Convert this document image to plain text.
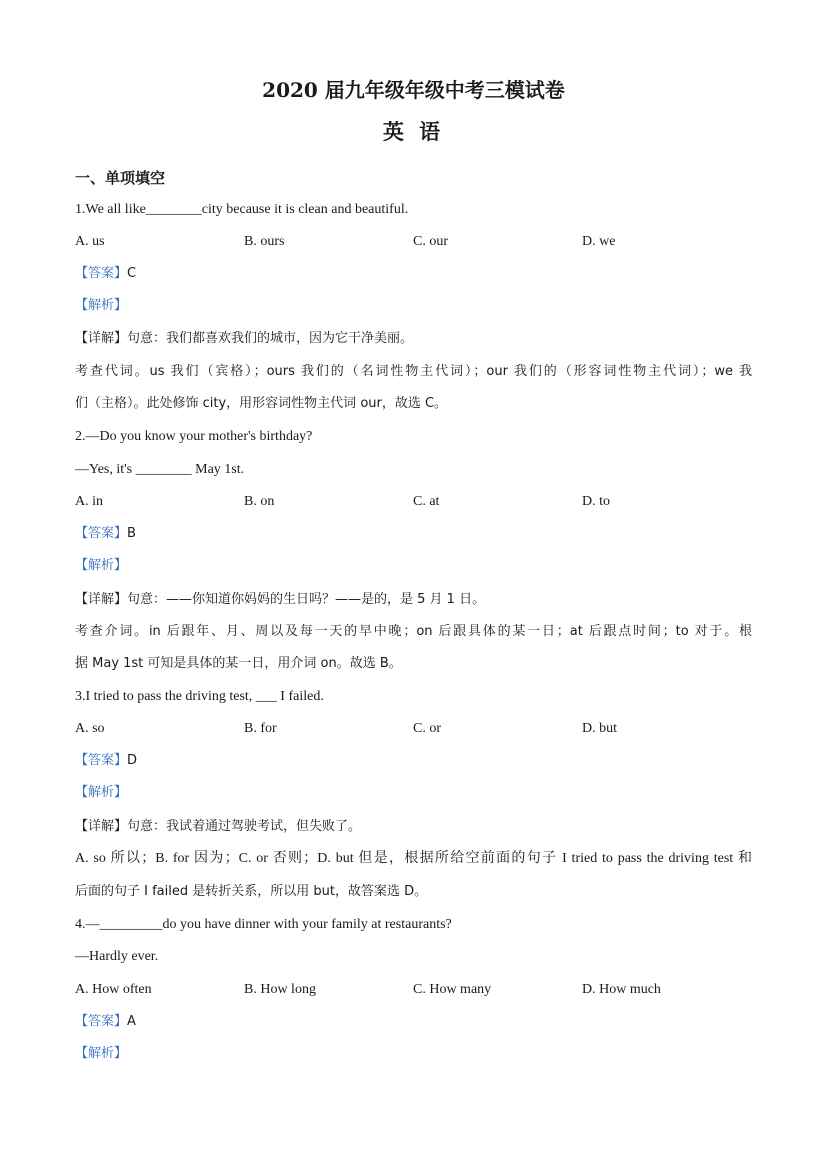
2020 届九年级年级中考三模试卷
英 语
一、单项填空
1.We all like________city because it is clean and beautiful.
A. us	B. ours	C. our	D. we
【答案】C
【解析】
【详解】句意：我们都喜欢我们的城市，因为它干净美丽。
考查代词。us 我们（宾格）；ours 我们的（名词性物主代词）；our 我们的（形容词性物主代词）；we 我
们（主格）。此处修饰 city，用形容词性物主代词 our，故选 C。
2.—Do you know your mother's birthday?
—Yes, it's ________ May 1st.
A. in	B. on	C. at	D. to
【答案】B
【解析】
【详解】句意：——你知道你妈妈的生日吗？——是的，是 5 月 1 日。
考查介词。in 后跟年、月、周以及每一天的早中晚；on 后跟具体的某一日；at 后跟点时间；to 对于。根
据 May 1st 可知是具体的某一日，用介词 on。故选 B。
3.I tried to pass the driving test, ___ I failed.
A. so	B. for	C. or	D. but
【答案】D
【解析】
【详解】句意：我试着通过驾驶考试，但失败了。
A. so 所以；B. for 因为；C. or 否则；D. but 但是，根据所给空前面的句子 I tried to pass the driving test 和
后面的句子 I failed 是转折关系，所以用 but，故答案选 D。
4.—_________do you have dinner with your family at restaurants?
—Hardly ever.
A. How often	B. How long	C. How many	D. How much
【答案】A
【解析】
